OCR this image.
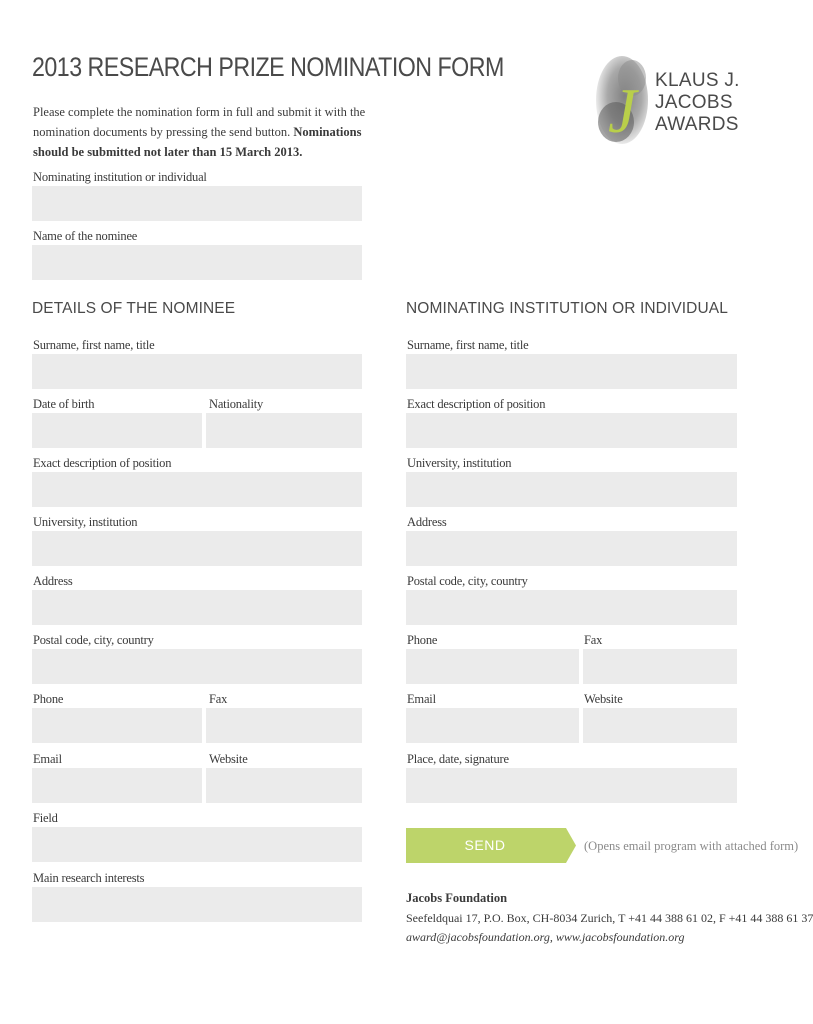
2013 RESEARCH PRIZE NOMINATION FORM
Please complete the nomination form in full and submit it with the nomination documents by pressing the send button. Nominations should be submitted not later than 15 March 2013.
J KLAUS J.
JACOBS
AWARDS
Nominating institution or individual
Name of the nominee
DETAILS OF THE NOMINEE	NOMINATING INSTITUTION OR INDIVIDUAL
Surname, first name, title
Date of birth	Nationality
Exact description of position
University, institution
Address
Postal code, city, country
Phone	Fax
Email	Website
Field
Main research interests
Surname, first name, title
Exact description of position
University, institution
Address
Postal code, city, country
Phone	Fax
Email	Website
Place, date, signature
SEND	(Opens email program with attached form)
Jacobs Foundation
Seefeldquai 17, P.O. Box, CH-8034 Zurich, T +41 44 388 61 02, F +41 44 388 61 37
award@jacobsfoundation.org, www.jacobsfoundation.org
